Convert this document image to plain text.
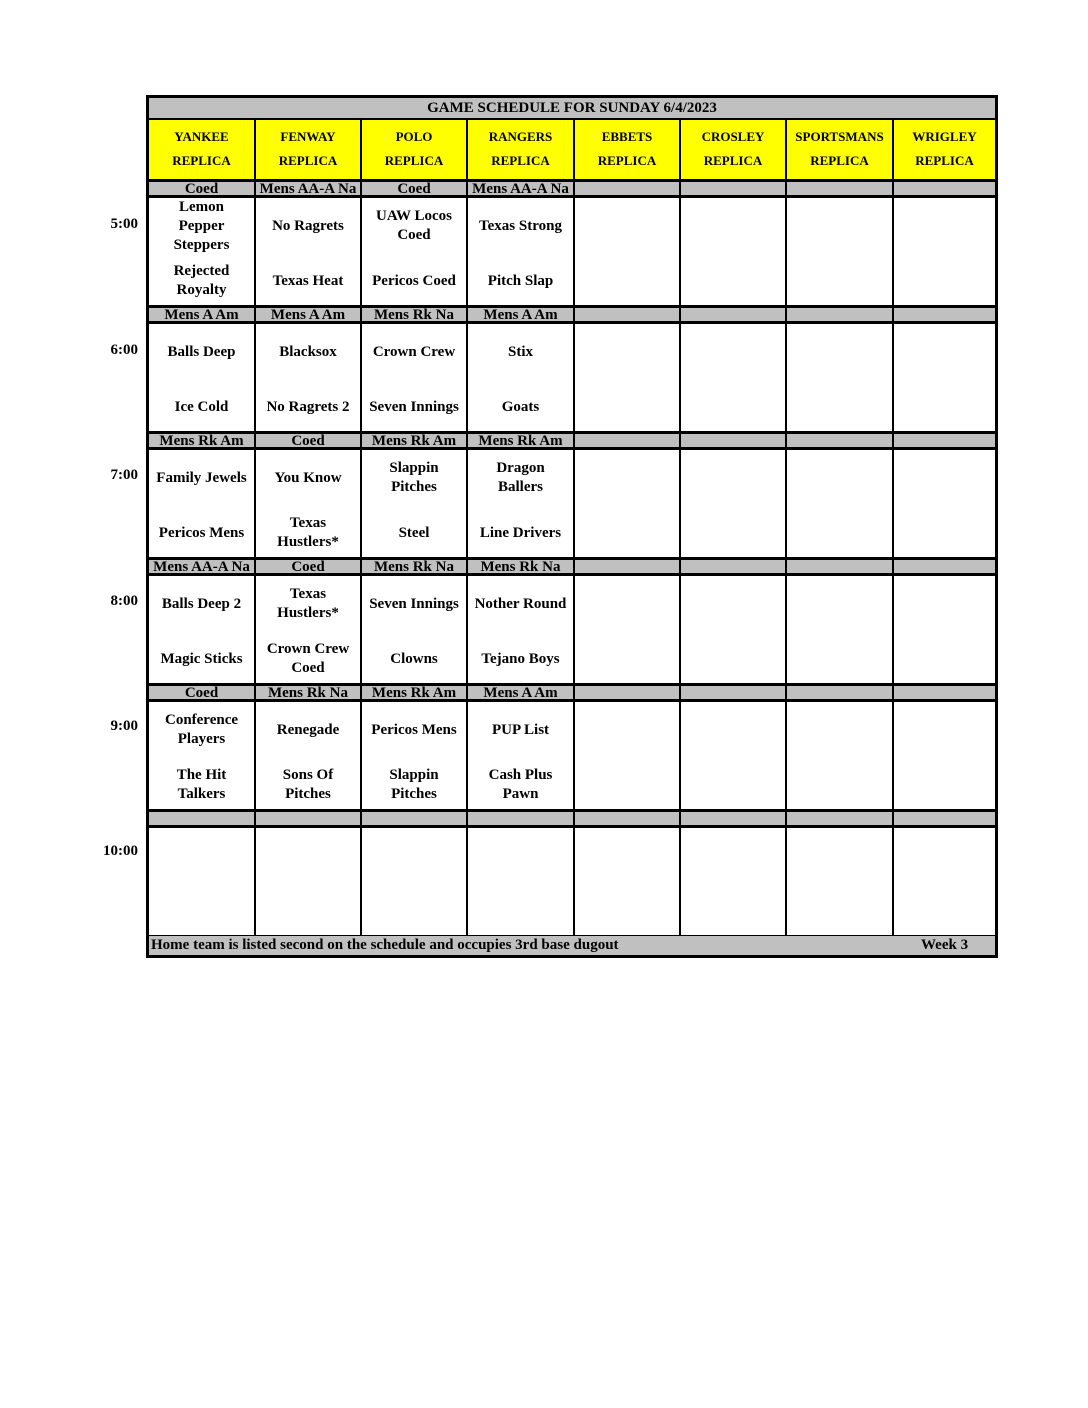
GAME SCHEDULE FOR SUNDAY 6/4/2023
YANKEE
REPLICA
FENWAY
REPLICA
POLO
REPLICA
RANGERS
REPLICA
EBBETS
REPLICA
CROSLEY
REPLICA
SPORTSMANS
REPLICA
WRIGLEY
REPLICA
Coed
Lemon
Pepper
Steppers
Rejected
Royalty
Mens AA-A Na
No Ragrets
Texas Heat
Coed
UAW Locos
Coed
Pericos Coed
Mens AA-A Na
Texas Strong
Pitch Slap
Mens A Am
Balls Deep
Ice Cold
Mens A Am
Blacksox
No Ragrets 2
Mens Rk Na
Crown Crew
Seven Innings
Mens A Am
Stix
Goats
Mens Rk Am
Family Jewels
Pericos Mens
Coed
You Know
Texas
Hustlers*
Mens Rk Am
Slappin
Pitches
Steel
Mens Rk Am
Dragon
Ballers
Line Drivers
Mens AA-A Na
Balls Deep 2
Magic Sticks
Coed
Texas
Hustlers*
Crown Crew
Coed
Mens Rk Na
Seven Innings
Clowns
Mens Rk Na
Nother Round
Tejano Boys
Coed
Conference
Players
The Hit
Talkers
Mens Rk Na
Renegade
Sons Of
Pitches
Mens Rk Am
Pericos Mens
Slappin
Pitches
Mens A Am
PUP List
Cash Plus
Pawn
Home team is listed second on the schedule and occupies 3rd base dugout	Week 3
5:00
6:00
7:00
8:00
9:00
10:00
